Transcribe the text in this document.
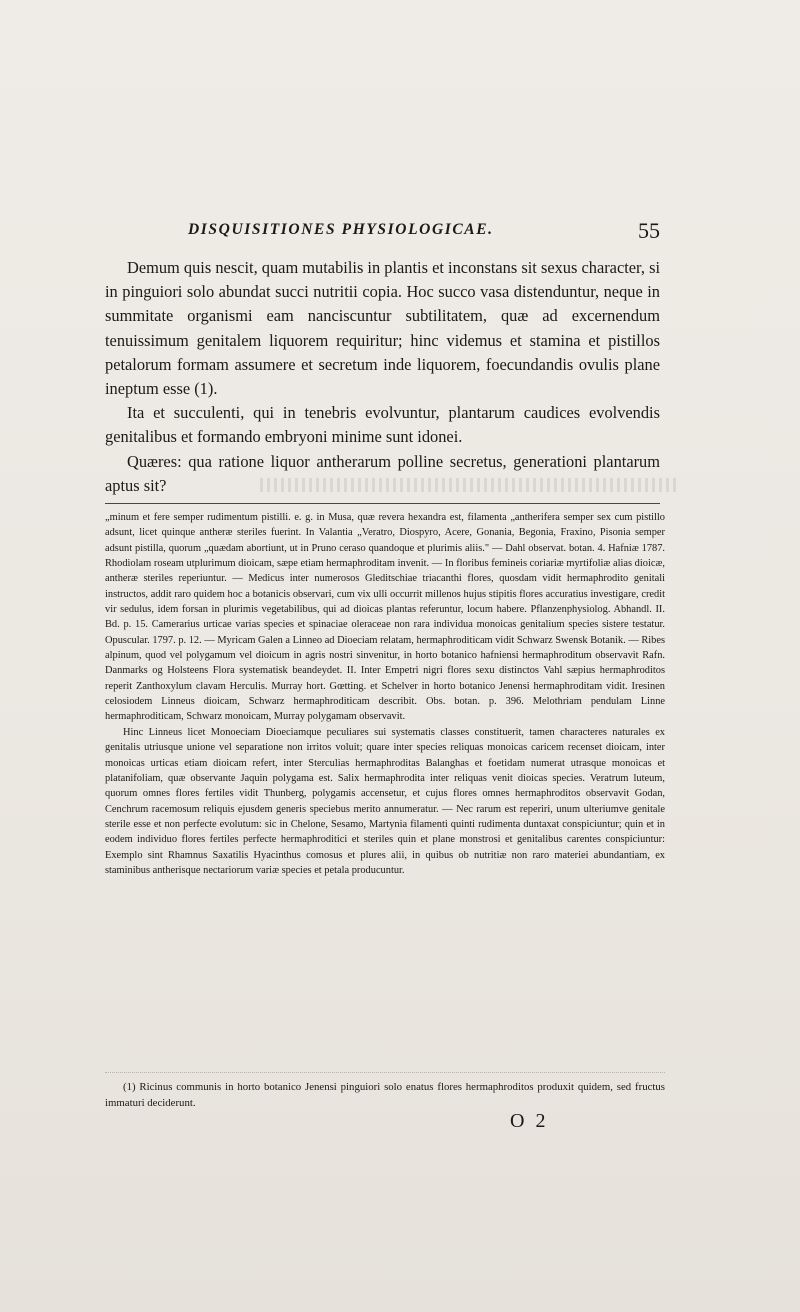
DISQUISITIONES PHYSIOLOGICAE.	55

Demum quis nescit, quam mutabilis in plantis et inconstans sit sexus character, si in pinguiori solo abundat succi nutritii copia. Hoc succo vasa distenduntur, neque in summitate organismi eam nanciscuntur subtilitatem, quæ ad excernendum tenuissimum genitalem liquorem requiritur; hinc videmus et stamina et pistillos petalorum formam assumere et secretum inde liquorem, foecundandis ovulis plane ineptum esse (1).

Ita et succulenti, qui in tenebris evolvuntur, plantarum caudices evolvendis genitalibus et formando embryoni minime sunt idonei.

Quæres: qua ratione liquor antherarum polline secretus, generationi plantarum aptus sit?

„minum et fere semper rudimentum pistilli. e. g. in Musa, quæ revera hexandra est, filamenta „antherifera semper sex cum pistillo adsunt, licet quinque antheræ steriles fuerint. In Valantia „Veratro, Diospyro, Acere, Gonania, Begonia, Fraxino, Pisonia semper adsunt pistilla, quorum „quædam abortiunt, ut in Pruno ceraso quandoque et plurimis aliis." — Dahl observat. botan. 4. Hafniæ 1787. Rhodiolam roseam utplurimum dioicam, sæpe etiam hermaphroditam invenit. — In floribus femineis coriariæ myrtifoliæ alias dioicæ, antheræ steriles reperiuntur. — Medicus inter numerosos Gleditschiae triacanthi flores, quosdam vidit hermaphrodito genitali instructos, addit raro quidem hoc a botanicis observari, cum vix ulli occurrit millenos hujus stipitis flores accuratius investigare, credit vir sedulus, idem forsan in plurimis vegetabilibus, qui ad dioicas plantas referuntur, locum habere. Pflanzenphysiolog. Abhandl. II. Bd. p. 15. Camerarius urticae varias species et spinaciae oleraceae non rara individua monoicas genitalium species sistere testatur. Opuscular. 1797. p. 12. — Myricam Galen a Linneo ad Dioeciam relatam, hermaphroditicam vidit Schwarz Swensk Botanik. — Ribes alpinum, quod vel polygamum vel dioicum in agris nostri sinvenitur, in horto botanico hafniensi hermaphroditum observavit Rafn. Danmarks og Holsteens Flora systematisk beandeydet. II. Inter Empetri nigri flores sexu distinctos Vahl sæpius hermaphroditos reperit Zanthoxylum clavam Herculis. Murray hort. Gœtting. et Schelver in horto botanico Jenensi hermaphroditam vidit. Iresinen celosiodem Linneus dioicam, Schwarz hermaphroditicam describit. Obs. botan. p. 396. Melothriam pendulam Linne hermaphroditicam, Schwarz monoicam, Murray polygamam observavit.

Hinc Linneus licet Monoeciam Dioeciamque peculiares sui systematis classes constituerit, tamen characteres naturales ex genitalis utriusque unione vel separatione non irritos voluit; quare inter species reliquas monoicas caricem recenset dioicam, inter monoicas urticas etiam dioicam refert, inter Sterculias hermaphroditas Balanghas et foetidam numerat utrasque monoicas et platanifoliam, quæ observante Jaquin polygama est. Salix hermaphrodita inter reliquas venit dioicas species. Veratrum luteum, quorum omnes flores fertiles vidit Thunberg, polygamis accensetur, et cujus flores omnes hermaphroditos observavit Godan, Cenchrum racemosum reliquis ejusdem generis speciebus merito annumeratur. — Nec rarum est reperiri, unum ulteriumve genitale sterile esse et non perfecte evolutum: sic in Chelone, Sesamo, Martynia filamenti quinti rudimenta duntaxat conspiciuntur; quin et in eodem individuo flores fertiles perfecte hermaphroditici et steriles quin et plane monstrosi et genitalibus carentes conspiciuntur: Exemplo sint Rhamnus Saxatilis Hyacinthus comosus et plures alii, in quibus ob nutritiæ non raro materiei abundantiam, ex staminibus antherisque nectariorum variæ species et petala producuntur.

(1) Ricinus communis in horto botanico Jenensi pinguiori solo enatus flores hermaphroditos produxit quidem, sed fructus immaturi deciderunt.
O 2
